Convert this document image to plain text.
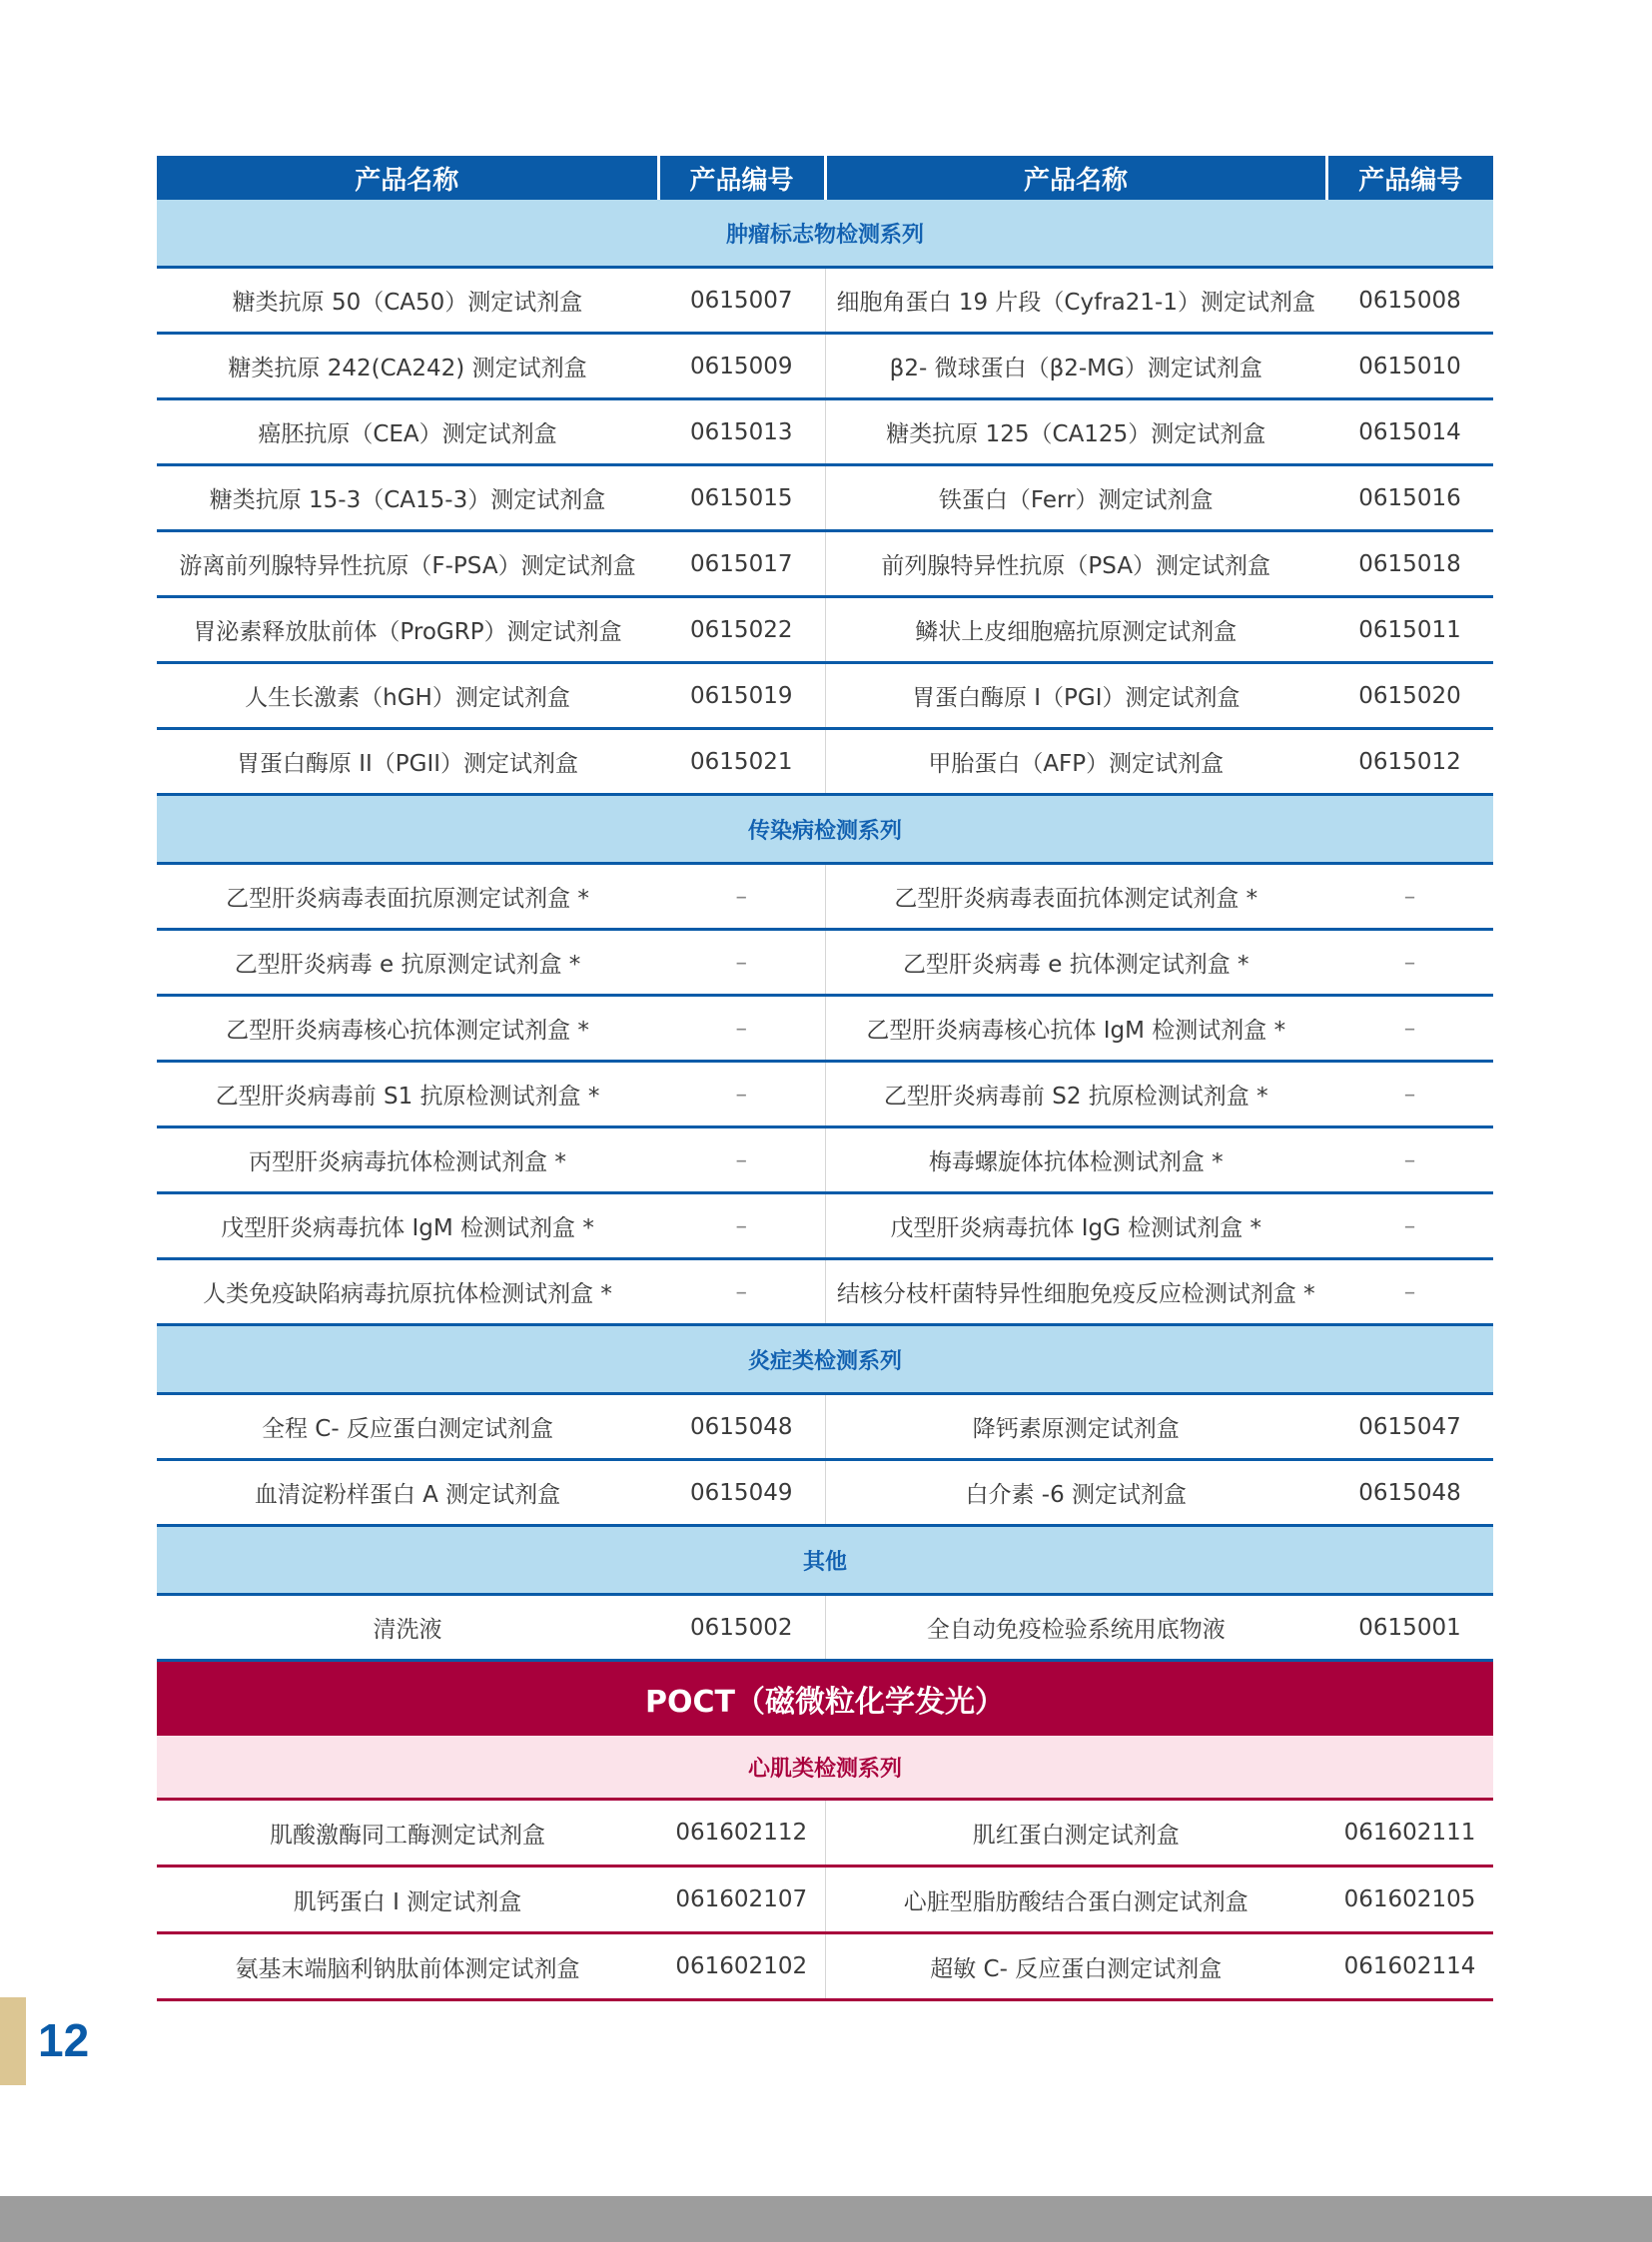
产品名称	产品编号	产品名称	产品编号
肿瘤标志物检测系列			
糖类抗原 50（CA50）测定试剂盒	0615007	细胞角蛋白 19 片段（Cyfra21-1）测定试剂盒	0615008
糖类抗原 242(CA242) 测定试剂盒	0615009	β2- 微球蛋白（β2-MG）测定试剂盒	0615010
癌胚抗原（CEA）测定试剂盒	0615013	糖类抗原 125（CA125）测定试剂盒	0615014
糖类抗原 15-3（CA15-3）测定试剂盒	0615015	铁蛋白（Ferr）测定试剂盒	0615016
游离前列腺特异性抗原（F-PSA）测定试剂盒	0615017	前列腺特异性抗原（PSA）测定试剂盒	0615018
胃泌素释放肽前体（ProGRP）测定试剂盒	0615022	鳞状上皮细胞癌抗原测定试剂盒	0615011
人生长激素（hGH）测定试剂盒	0615019	胃蛋白酶原 I（PGI）测定试剂盒	0615020
胃蛋白酶原 II（PGII）测定试剂盒	0615021	甲胎蛋白（AFP）测定试剂盒	0615012
传染病检测系列			
乙型肝炎病毒表面抗原测定试剂盒 *	–	乙型肝炎病毒表面抗体测定试剂盒 *	–
乙型肝炎病毒 e 抗原测定试剂盒 *	–	乙型肝炎病毒 e 抗体测定试剂盒 *	–
乙型肝炎病毒核心抗体测定试剂盒 *	–	乙型肝炎病毒核心抗体 IgM 检测试剂盒 *	–
乙型肝炎病毒前 S1 抗原检测试剂盒 *	–	乙型肝炎病毒前 S2 抗原检测试剂盒 *	–
丙型肝炎病毒抗体检测试剂盒 *	–	梅毒螺旋体抗体检测试剂盒 *	–
戊型肝炎病毒抗体 IgM 检测试剂盒 *	–	戊型肝炎病毒抗体 IgG 检测试剂盒 *	–
人类免疫缺陷病毒抗原抗体检测试剂盒 *	–	结核分枝杆菌特异性细胞免疫反应检测试剂盒 *	–
炎症类检测系列			
全程 C- 反应蛋白测定试剂盒	0615048	降钙素原测定试剂盒	0615047
血清淀粉样蛋白 A 测定试剂盒	0615049	白介素 -6 测定试剂盒	0615048
其他			
清洗液	0615002	全自动免疫检验系统用底物液	0615001
POCT（磁微粒化学发光）			
心肌类检测系列			
肌酸激酶同工酶测定试剂盒	061602112	肌红蛋白测定试剂盒	061602111
肌钙蛋白 I 测定试剂盒	061602107	心脏型脂肪酸结合蛋白测定试剂盒	061602105
氨基末端脑利钠肽前体测定试剂盒	061602102	超敏 C- 反应蛋白测定试剂盒	061602114
12
